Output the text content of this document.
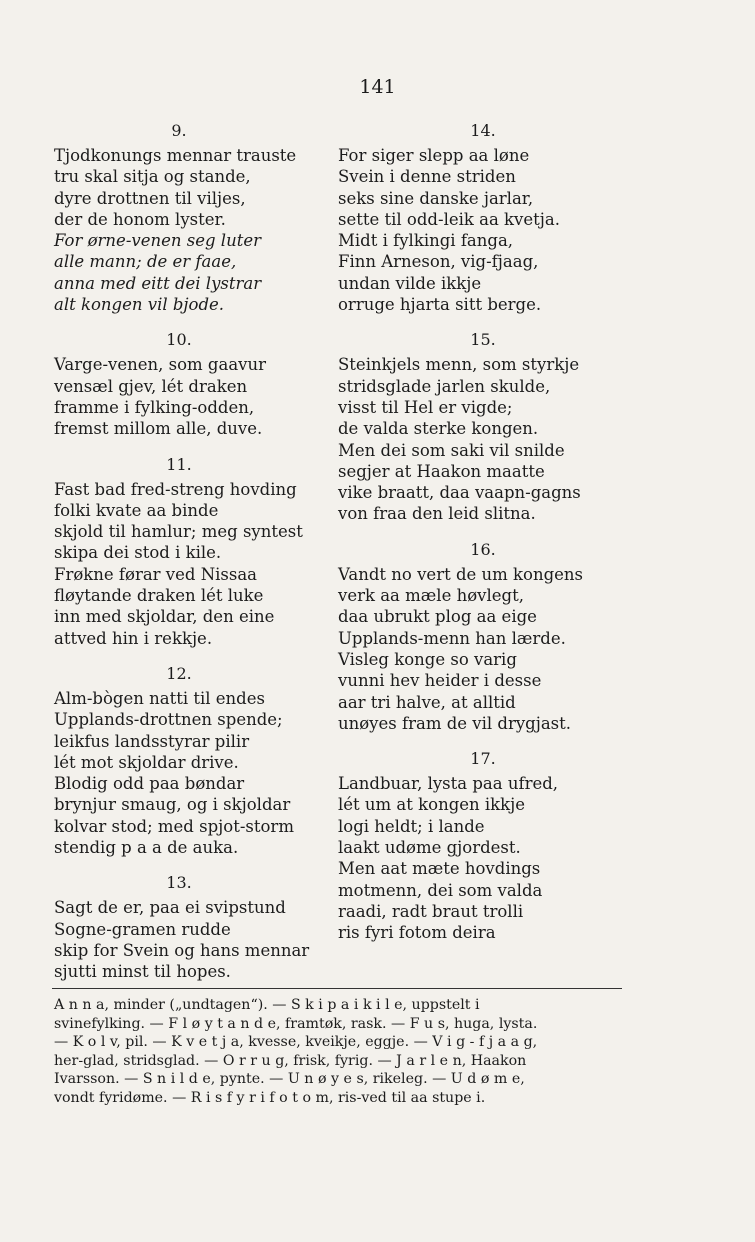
141
9.
Tjodkonungs mennar trauste
tru skal sitja og stande,
dyre drottnen til viljes,
der de honom lyster.
For ørne-venen seg luter
alle mann; de er faae,
anna med eitt dei lystrar
alt kongen vil bjode.
10.
Varge-venen, som gaavur
vensæl gjev, lét draken
framme i fylking-odden,
fremst millom alle, duve.
11.
Fast bad fred-streng hovding
folki kvate aa binde
skjold til hamlur; meg syntest
skipa dei stod i kile.
Frøkne førar ved Nissaa
fløytande draken lét luke
inn med skjoldar, den eine
attved hin i rekkje.
12.
Alm-bògen natti til endes
Upplands-drottnen spende;
leikfus landsstyrar pilir
lét mot skjoldar drive.
Blodig odd paa bøndar
brynjur smaug, og i skjoldar
kolvar stod; med spjot-storm
stendig p a a de auka.
13.
Sagt de er, paa ei svipstund
Sogne-gramen rudde
skip for Svein og hans mennar
sjutti minst til hopes.
14.
For siger slepp aa løne
Svein i denne striden
seks sine danske jarlar,
sette til odd-leik aa kvetja.
Midt i fylkingi fanga,
Finn Arneson, vig-fjaag,
undan vilde ikkje
orruge hjarta sitt berge.
15.
Steinkjels menn, som styrkje
stridsglade jarlen skulde,
visst til Hel er vigde;
de valda sterke kongen.
Men dei som saki vil snilde
segjer at Haakon maatte
vike braatt, daa vaapn-gagns
von fraa den leid slitna.
16.
Vandt no vert de um kongens
verk aa mæle høvlegt,
daa ubrukt plog aa eige
Upplands-menn han lærde.
Visleg konge so varig
vunni hev heider i desse
aar tri halve, at alltid
unøyes fram de vil drygjast.
17.
Landbuar, lysta paa ufred,
lét um at kongen ikkje
logi heldt; i lande
laakt udøme gjordest.
Men aat mæte hovdings
motmenn, dei som valda
raadi, radt braut trolli
ris fyri fotom deira
A n n a, minder („undtagen“). — S k i p a i k i l e, uppstelt i
svinefylking. — F l ø y t a n d e, framtøk, rask. — F u s, huga, lysta.
— K o l v, pil. — K v e t j a, kvesse, kveikje, eggje. — V i g - f j a a g,
her-glad, stridsglad. — O r r u g, frisk, fyrig. — J a r l e n, Haakon
Ivarsson. — S n i l d e, pynte. — U n ø y e s, rikeleg. — U d ø m e,
vondt fyridøme. — R i s f y r i f o t o m, ris-ved til aa stupe i.
